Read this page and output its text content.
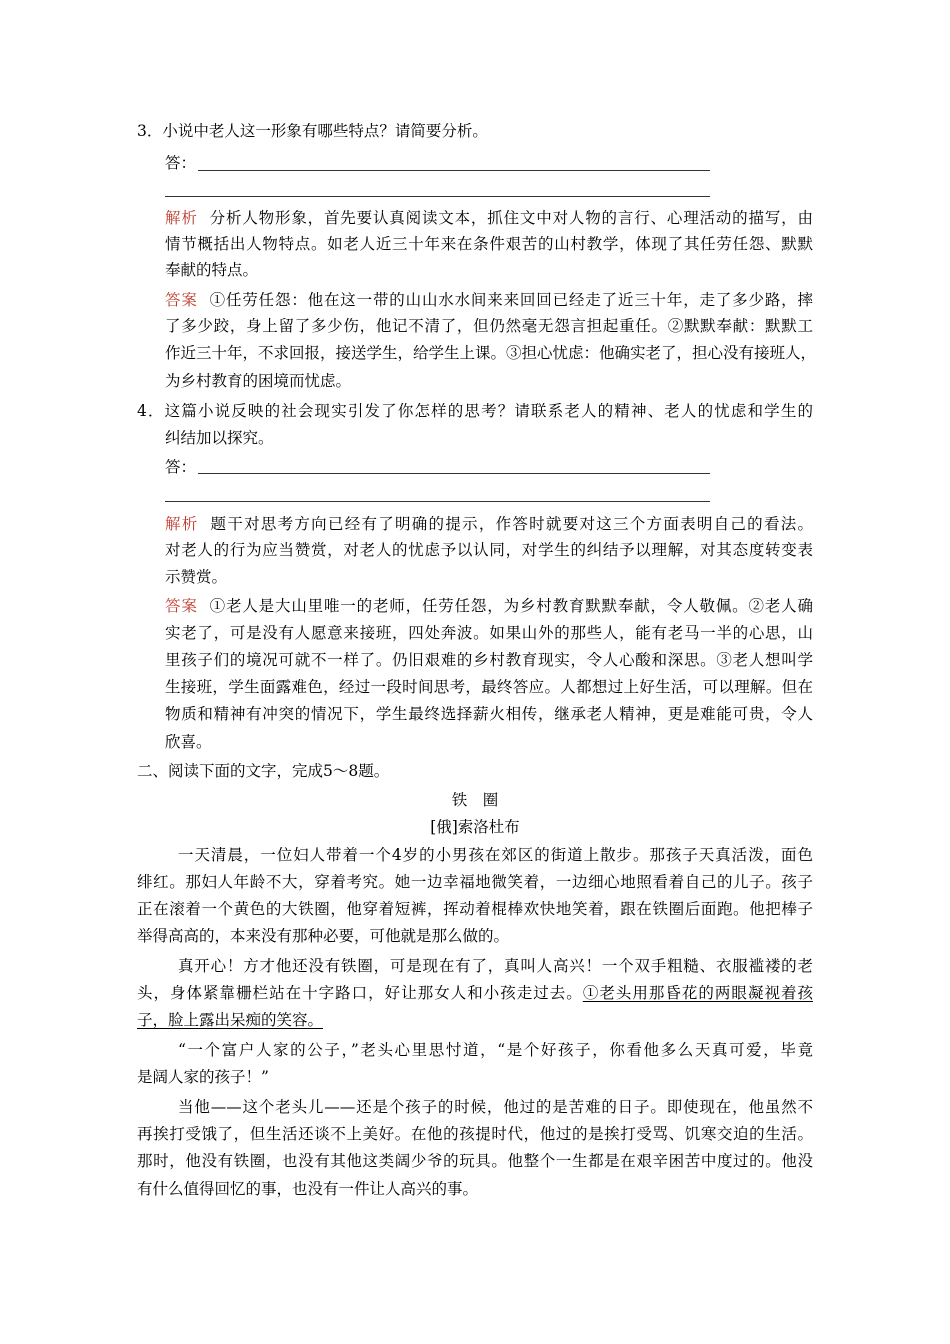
3．小说中老人这一形象有哪些特点？请简要分析。
答：
解析 分析人物形象，首先要认真阅读文本，抓住文中对人物的言行、心理活动的描写，由
情节概括出人物特点。如老人近三十年来在条件艰苦的山村教学，体现了其任劳任怨、默默
奉献的特点。
答案 ①任劳任怨：他在这一带的山山水水间来来回回已经走了近三十年，走了多少路，摔
了多少跤，身上留了多少伤，他记不清了，但仍然毫无怨言担起重任。②默默奉献：默默工
作近三十年，不求回报，接送学生，给学生上课。③担心忧虑：他确实老了，担心没有接班人，
为乡村教育的困境而忧虑。
4．这篇小说反映的社会现实引发了你怎样的思考？请联系老人的精神、老人的忧虑和学生的
纠结加以探究。
答：
解析 题干对思考方向已经有了明确的提示，作答时就要对这三个方面表明自己的看法。
对老人的行为应当赞赏，对老人的忧虑予以认同，对学生的纠结予以理解，对其态度转变表
示赞赏。
答案 ①老人是大山里唯一的老师，任劳任怨，为乡村教育默默奉献，令人敬佩。②老人确
实老了，可是没有人愿意来接班，四处奔波。如果山外的那些人，能有老马一半的心思，山
里孩子们的境况可就不一样了。仍旧艰难的乡村教育现实，令人心酸和深思。③老人想叫学
生接班，学生面露难色，经过一段时间思考，最终答应。人都想过上好生活，可以理解。但在
物质和精神有冲突的情况下，学生最终选择薪火相传，继承老人精神，更是难能可贵，令人
欣喜。
二、阅读下面的文字，完成5～8题。
铁　圈
[俄]索洛杜布
一天清晨，一位妇人带着一个4岁的小男孩在郊区的街道上散步。那孩子天真活泼，面色
绯红。那妇人年龄不大，穿着考究。她一边幸福地微笑着，一边细心地照看着自己的儿子。孩子
正在滚着一个黄色的大铁圈，他穿着短裤，挥动着棍棒欢快地笑着，跟在铁圈后面跑。他把棒子
举得高高的，本来没有那种必要，可他就是那么做的。
真开心！方才他还没有铁圈，可是现在有了，真叫人高兴！一个双手粗糙、衣服褴褛的老
头，身体紧靠栅栏站在十字路口，好让那女人和小孩走过去。①老头用那昏花的两眼凝视着孩
子，脸上露出呆痴的笑容。
“一个富户人家的公子，”老头心里思忖道，“是个好孩子，你看他多么天真可爱，毕竟
是阔人家的孩子！”
当他——这个老头儿——还是个孩子的时候，他过的是苦难的日子。即使现在，他虽然不
再挨打受饿了，但生活还谈不上美好。在他的孩提时代，他过的是挨打受骂、饥寒交迫的生活。
那时，他没有铁圈，也没有其他这类阔少爷的玩具。他整个一生都是在艰辛困苦中度过的。他没
有什么值得回忆的事，也没有一件让人高兴的事。
